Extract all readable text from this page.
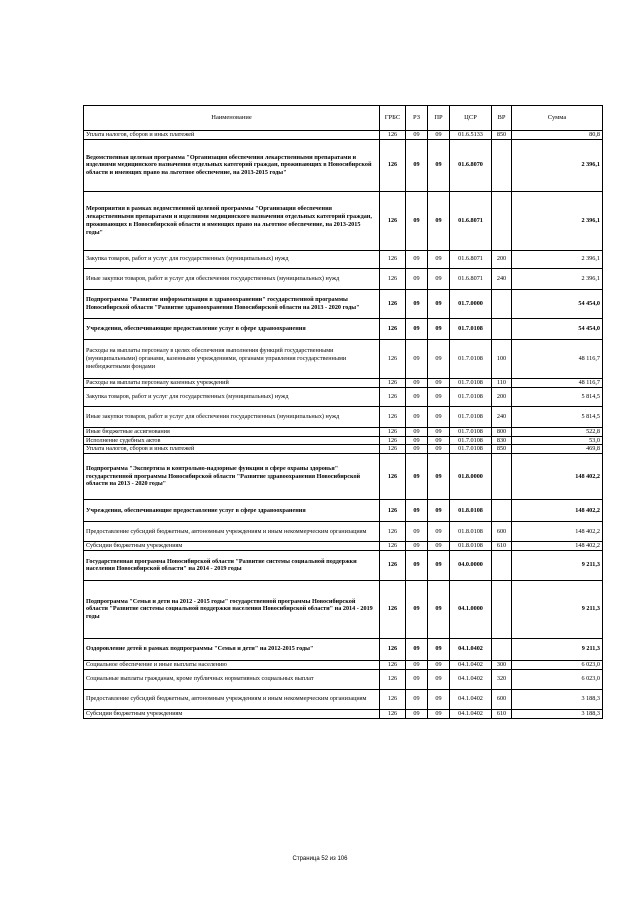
Наименование	ГРБС	РЗ	ПР	ЦСР	ВР	Сумма
Уплата налогов, сборов и иных платежей	126	09	09	01.6.5133	850	80,8
Ведомственная целевая программа "Организация обеспечения лекарственными препаратами и изделиями медицинского назначения отдельных категорий граждан, проживающих в Новосибирской области и имеющих право на льготное обеспечение, на 2013-2015 годы"	126	09	09	01.6.8070		2 396,1
Мероприятия в рамках ведомственной целевой программы "Организация обеспечения лекарственными препаратами и изделиями медицинского назначения отдельных категорий граждан, проживающих в Новосибирской области и имеющих право на льготное обеспечение, на 2013-2015 годы"	126	09	09	01.6.8071		2 396,1
Закупка товаров, работ и услуг для государственных (муниципальных) нужд	126	09	09	01.6.8071	200	2 396,1
Иные закупки товаров, работ и услуг для обеспечения государственных (муниципальных) нужд	126	09	09	01.6.8071	240	2 396,1
Подпрограмма "Развитие информатизации в здравоохранении" государственной программы Новосибирской области "Развитие здравоохранения Новосибирской области на 2013 - 2020 годы"	126	09	09	01.7.0000		54 454,0
Учреждения, обеспечивающие предоставление услуг в сфере здравоохранения	126	09	09	01.7.0108		54 454,0
Расходы на выплаты персоналу в целях обеспечения выполнения функций государственными (муниципальными) органами, казенными учреждениями, органами управления государственными внебюджетными фондами	126	09	09	01.7.0108	100	48 116,7
Расходы на выплаты персоналу казенных учреждений	126	09	09	01.7.0108	110	48 116,7
Закупка товаров, работ и услуг для государственных (муниципальных) нужд	126	09	09	01.7.0108	200	5 814,5
Иные закупки товаров, работ и услуг для обеспечения государственных (муниципальных) нужд	126	09	09	01.7.0108	240	5 814,5
Иные бюджетные ассигнования	126	09	09	01.7.0108	800	522,8
Исполнение судебных актов	126	09	09	01.7.0108	830	53,0
Уплата налогов, сборов и иных платежей	126	09	09	01.7.0108	850	469,8
Подпрограмма "Экспертиза и контрольно-надзорные функции в сфере охраны здоровья" государственной программы Новосибирской области "Развитие здравоохранения Новосибирской области на 2013 - 2020 годы"	126	09	09	01.8.0000		148 402,2
Учреждения, обеспечивающие предоставление услуг в сфере здравоохранения	126	09	09	01.8.0108		148 402,2
Предоставление субсидий бюджетным, автономным учреждениям и иным некоммерческим организациям	126	09	09	01.8.0108	600	148 402,2
Субсидии бюджетным учреждениям	126	09	09	01.8.0108	610	148 402,2
Государственная программа Новосибирской области "Развитие системы социальной поддержки населения Новосибирской области" на 2014 - 2019 годы	126	09	09	04.0.0000		9 211,3
Подпрограмма "Семья и дети на 2012 - 2015 годы" государственной программы Новосибирской области "Развитие системы социальной поддержки населения Новосибирской области" на 2014 - 2019 годы	126	09	09	04.1.0000		9 211,3
Оздоровление детей в рамках подпрограммы "Семья и дети" на 2012-2015 годы"	126	09	09	04.1.0402		9 211,3
Социальное обеспечение и иные выплаты населению	126	09	09	04.1.0402	300	6 023,0
Социальные выплаты гражданам, кроме публичных нормативных социальных выплат	126	09	09	04.1.0402	320	6 023,0
Предоставление субсидий бюджетным, автономным учреждениям и иным некоммерческим организациям	126	09	09	04.1.0402	600	3 188,3
Субсидии бюджетным учреждениям	126	09	09	04.1.0402	610	3 188,3
Страница 52 из 106
